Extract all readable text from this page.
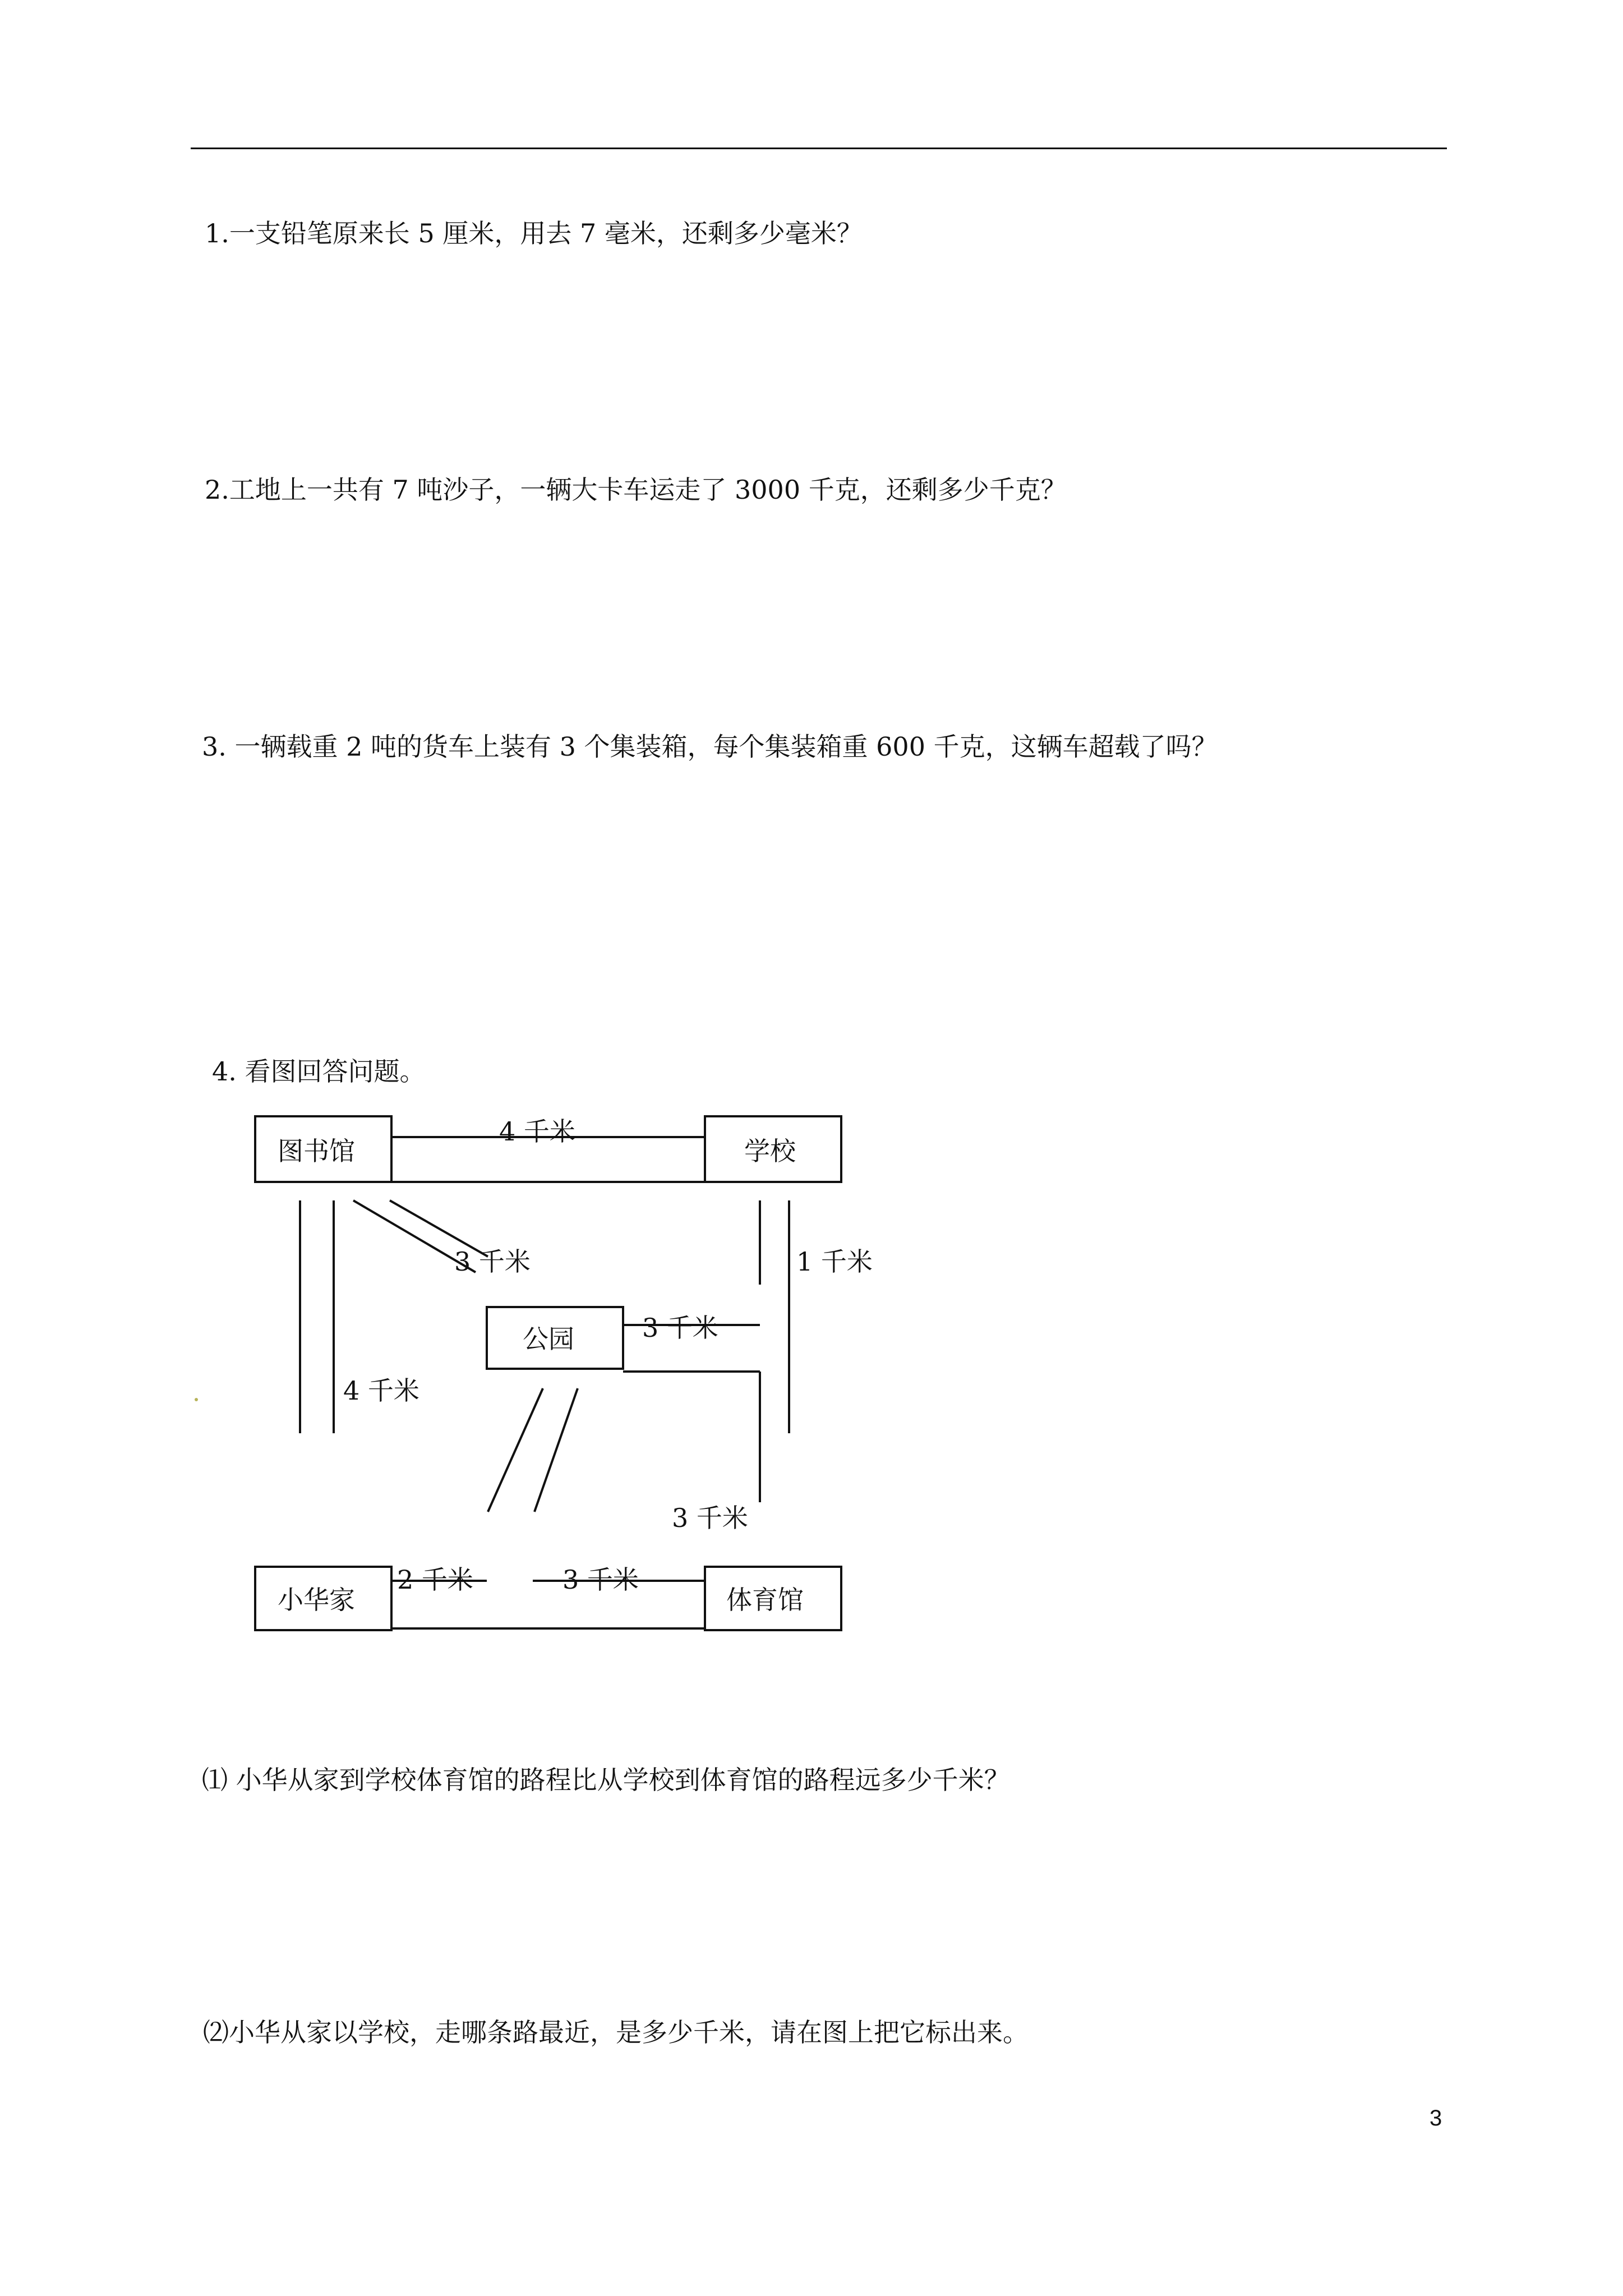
1.一支铅笔原来长 5 厘米，用去 7 毫米，还剩多少毫米？
2.工地上一共有 7 吨沙子，一辆大卡车运走了 3000 千克，还剩多少千克？
3. 一辆载重 2 吨的货车上装有 3 个集装箱，每个集装箱重 600 千克，这辆车超载了吗？
4. 看图回答问题。
图书馆	学校
公园
小华家	体育馆
4 千米
3 千米	1 千米
3 千米
4 千米
3 千米
2 千米	3 千米
⑴ 小华从家到学校体育馆的路程比从学校到体育馆的路程远多少千米？
⑵小华从家以学校，走哪条路最近，是多少千米，请在图上把它标出来。
3
